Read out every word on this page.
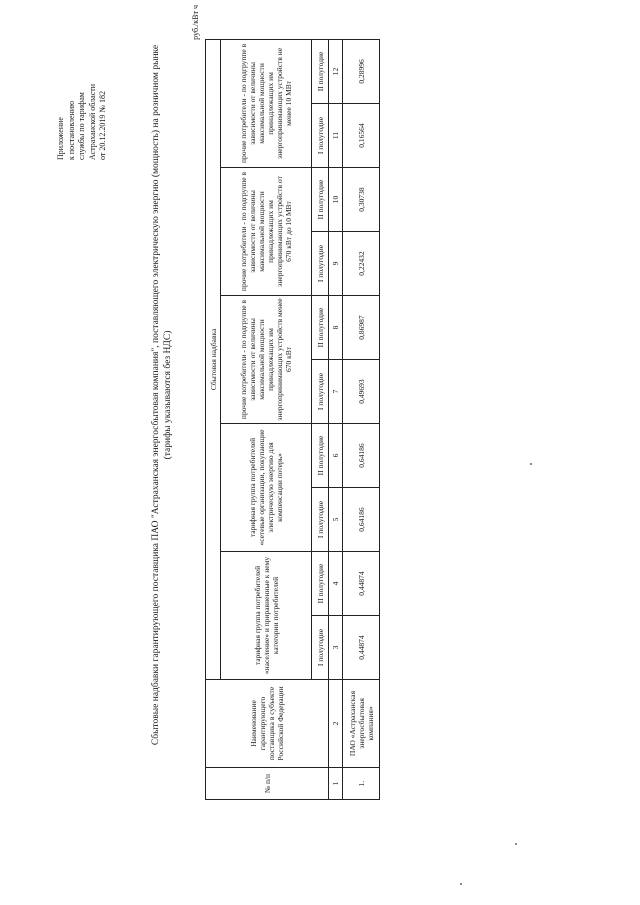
Приложение
к постановлению
службы по тарифам
Астраханской области
от 20.12.2019 № 182	Сбытовые надбавки гарантирующего поставщика ПАО "Астраханская энергосбытовая компания", поставляющего электрическую энергию (мощность) на розничном рынке (тарифы указываются без НДС)
руб./кВт ч
№ п/п	Наименование гарантирующего поставщика в субъекте Российской Федерации	Сбытовая надбавка									
		тарифная группа потребителей «население» и приравненные к нему категории потребителей		тарифная группа потребителей «сетевые организации, покупающие электрическую энергию для компенсации потерь»		прочие потребители - по подгруппе в зависимости от величины максимальной мощности принадлежащих им энергопринимающих устройств менее 670 кВт		прочие потребители - по подгруппе в зависимости от величины максимальной мощности принадлежащих им энергопринимающих устройств от 670 кВт до 10 МВт		прочие потребители - по подгруппе в зависимости от величины максимальной мощности принадлежащих им энергопринимающих устройств не менее 10 МВт	
		I полугодие	II полугодие	I полугодие	II полугодие	I полугодие	II полугодие	I полугодие	II полугодие	I полугодие	II полугодие
1	2	3	4	5	6	7	8	9	10	11	12
1.	ПАО «Астраханская энергосбытовая компания»	0,44874	0,44874	0,64186	0,64186	0,49693	0,86987	0,22432	0,30738	0,16564	0,28996
